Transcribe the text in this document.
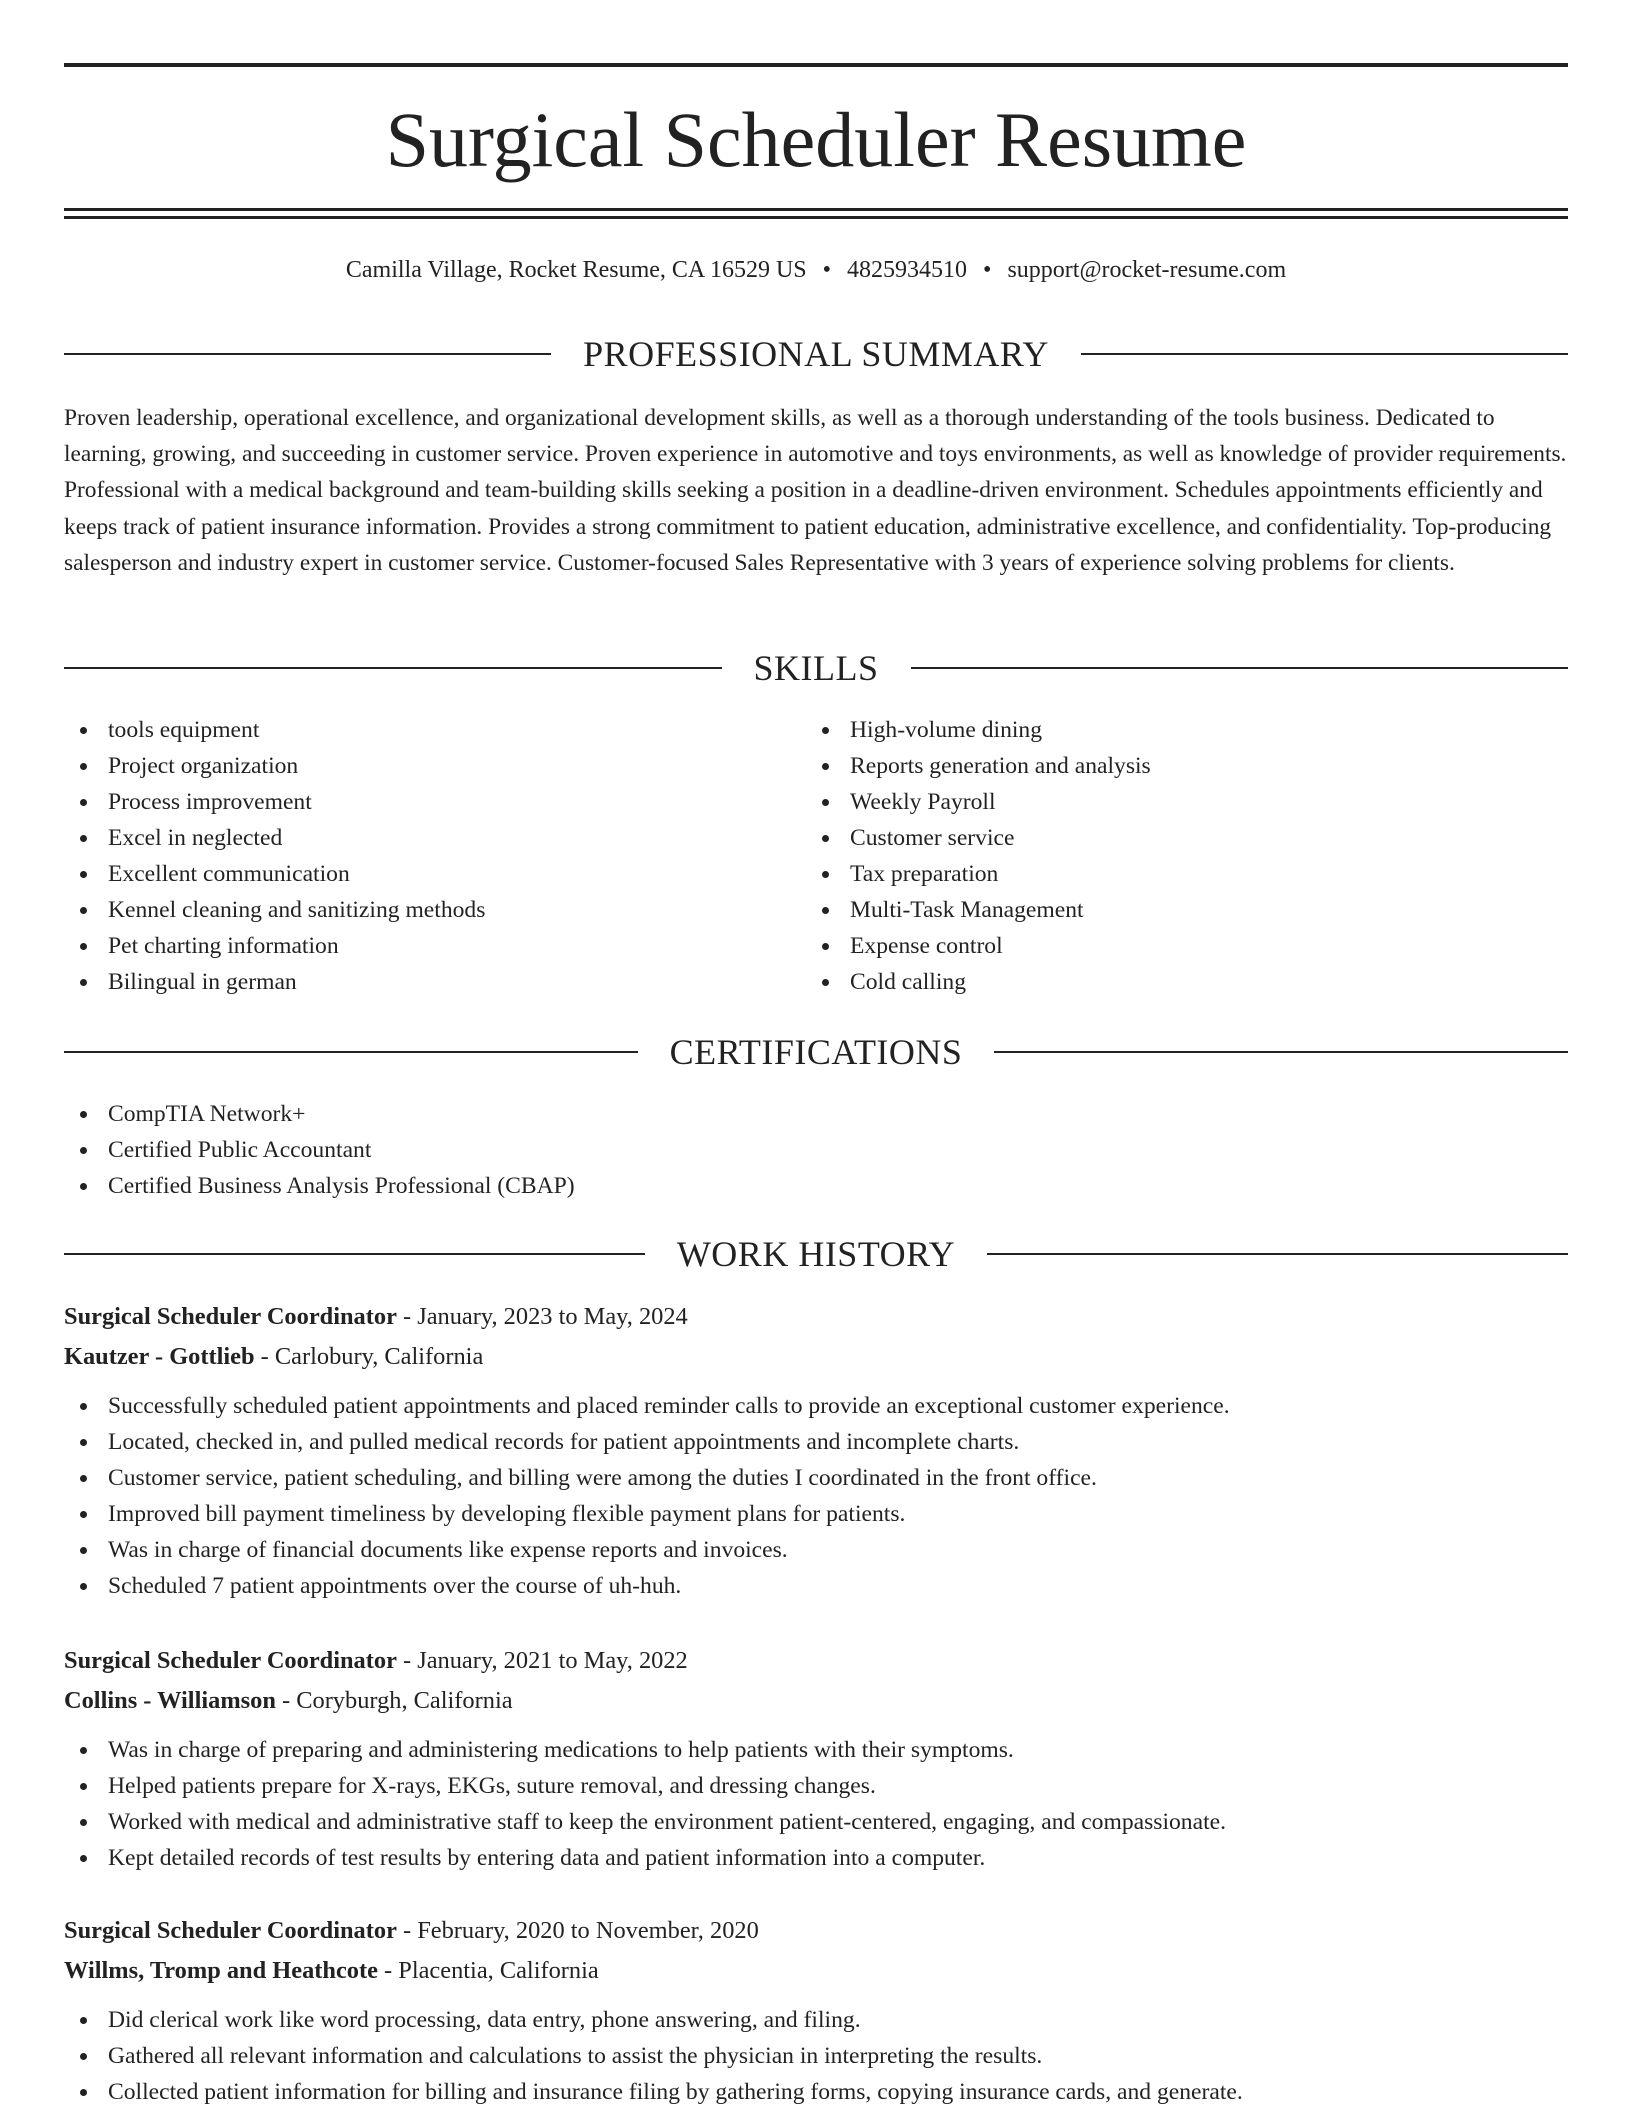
Surgical Scheduler Resume
Camilla Village, Rocket Resume, CA 16529 US • 4825934510 • support@rocket-resume.com
PROFESSIONAL SUMMARY

Proven leadership, operational excellence, and organizational development skills, as well as a thorough understanding of the tools business. Dedicated to learning, growing, and succeeding in customer service. Proven experience in automotive and toys environments, as well as knowledge of provider requirements. Professional with a medical background and team-building skills seeking a position in a deadline-driven environment. Schedules appointments efficiently and keeps track of patient insurance information. Provides a strong commitment to patient education, administrative excellence, and confidentiality. Top-producing salesperson and industry expert in customer service. Customer-focused Sales Representative with 3 years of experience solving problems for clients.

SKILLS
tools equipment
Project organization
Process improvement
Excel in neglected
Excellent communication
Kennel cleaning and sanitizing methods
Pet charting information
Bilingual in german
High-volume dining
Reports generation and analysis
Weekly Payroll
Customer service
Tax preparation
Multi-Task Management
Expense control
Cold calling
CERTIFICATIONS
CompTIA Network+
Certified Public Accountant
Certified Business Analysis Professional (CBAP)
WORK HISTORY
Surgical Scheduler Coordinator - January, 2023 to May, 2024
Kautzer - Gottlieb - Carlobury, California
Successfully scheduled patient appointments and placed reminder calls to provide an exceptional customer experience.
Located, checked in, and pulled medical records for patient appointments and incomplete charts.
Customer service, patient scheduling, and billing were among the duties I coordinated in the front office.
Improved bill payment timeliness by developing flexible payment plans for patients.
Was in charge of financial documents like expense reports and invoices.
Scheduled 7 patient appointments over the course of uh-huh.
Surgical Scheduler Coordinator - January, 2021 to May, 2022
Collins - Williamson - Coryburgh, California
Was in charge of preparing and administering medications to help patients with their symptoms.
Helped patients prepare for X-rays, EKGs, suture removal, and dressing changes.
Worked with medical and administrative staff to keep the environment patient-centered, engaging, and compassionate.
Kept detailed records of test results by entering data and patient information into a computer.
Surgical Scheduler Coordinator - February, 2020 to November, 2020
Willms, Tromp and Heathcote - Placentia, California
Did clerical work like word processing, data entry, phone answering, and filing.
Gathered all relevant information and calculations to assist the physician in interpreting the results.
Collected patient information for billing and insurance filing by gathering forms, copying insurance cards, and generate.
